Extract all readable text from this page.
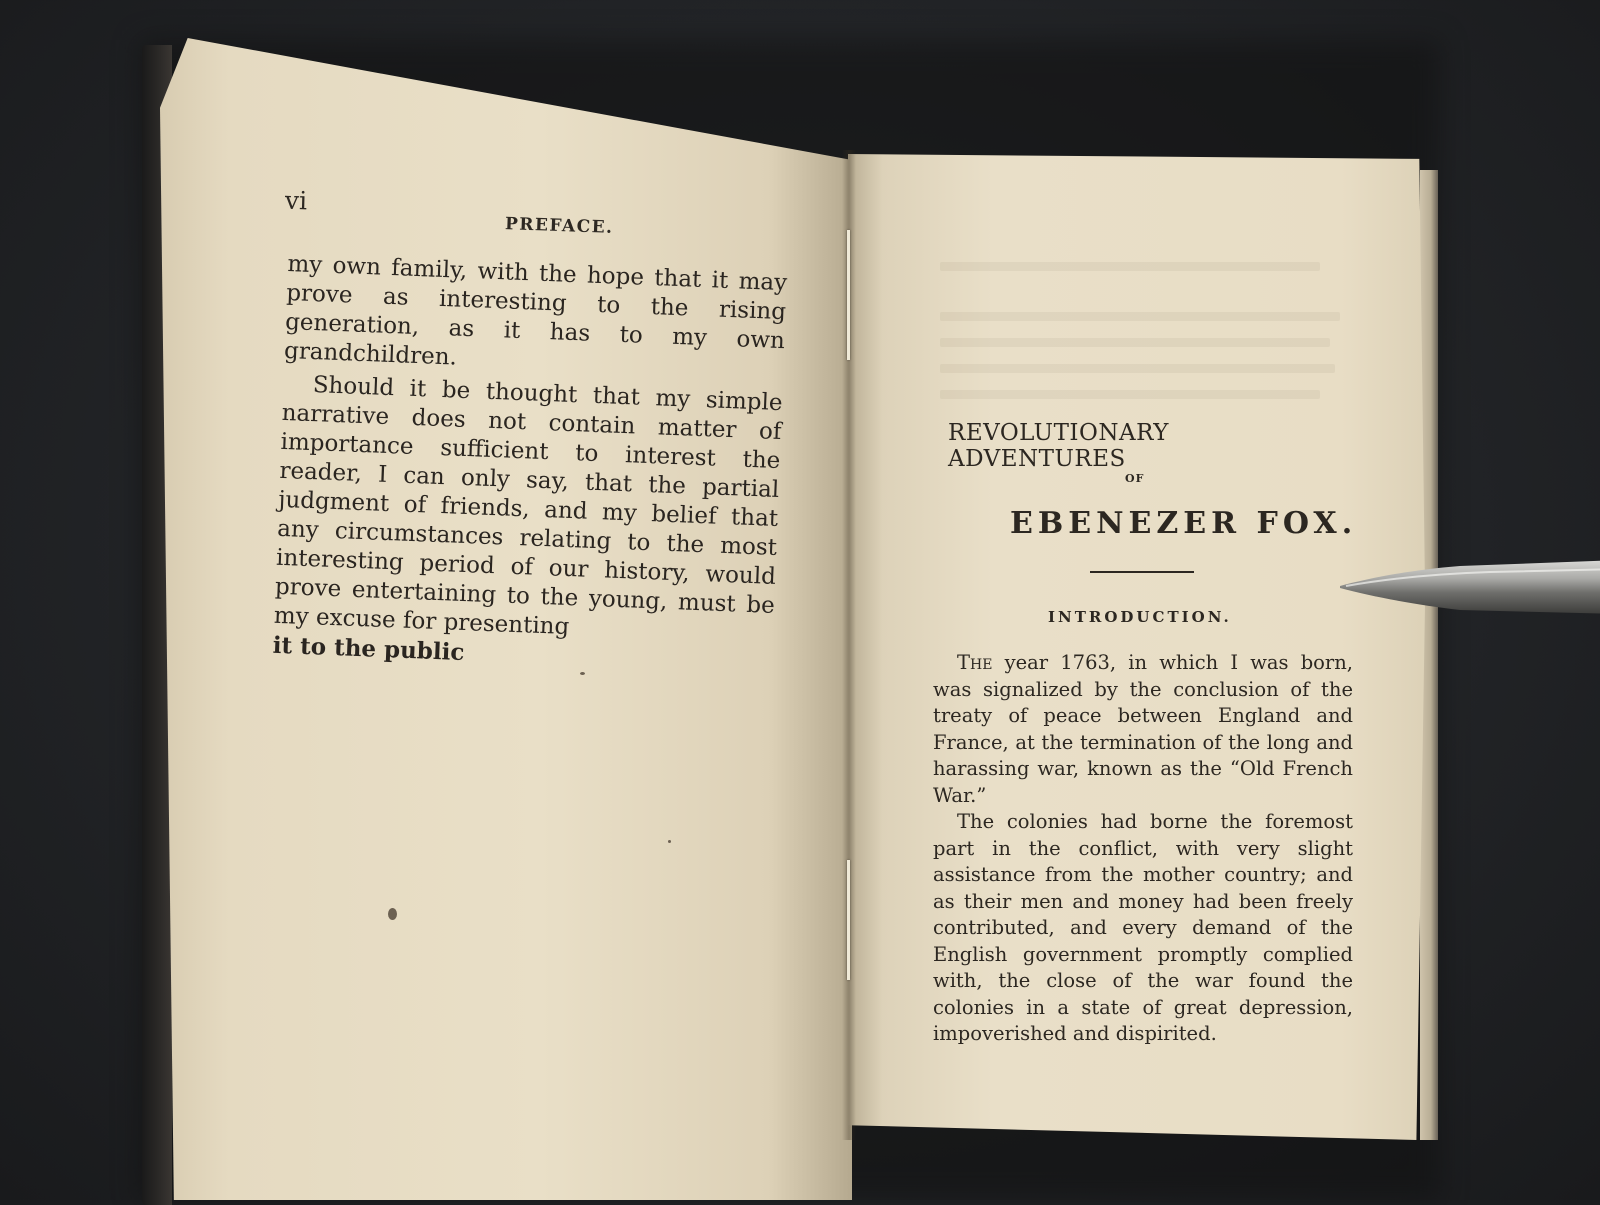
vi
PREFACE.

my own family, with the hope that it may prove as interesting to the rising generation, as it has to my own grandchildren.

Should it be thought that my simple narrative does not contain matter of importance sufficient to interest the reader, I can only say, that the partial judgment of friends, and my belief that any circumstances relating to the most interesting period of our history, would prove entertaining to the young, must be my excuse for presenting

it to the public

REVOLUTIONARY ADVENTURES
OF
EBENEZER FOX.
INTRODUCTION.

The year 1763, in which I was born, was signalized by the conclusion of the treaty of peace between England and France, at the termination of the long and harassing war, known as the “Old French War.”

The colonies had borne the foremost part in the conflict, with very slight assistance from the mother country; and as their men and money had been freely contributed, and every demand of the English government promptly complied with, the close of the war found the colonies in a state of great depression, impoverished and dispirited.
